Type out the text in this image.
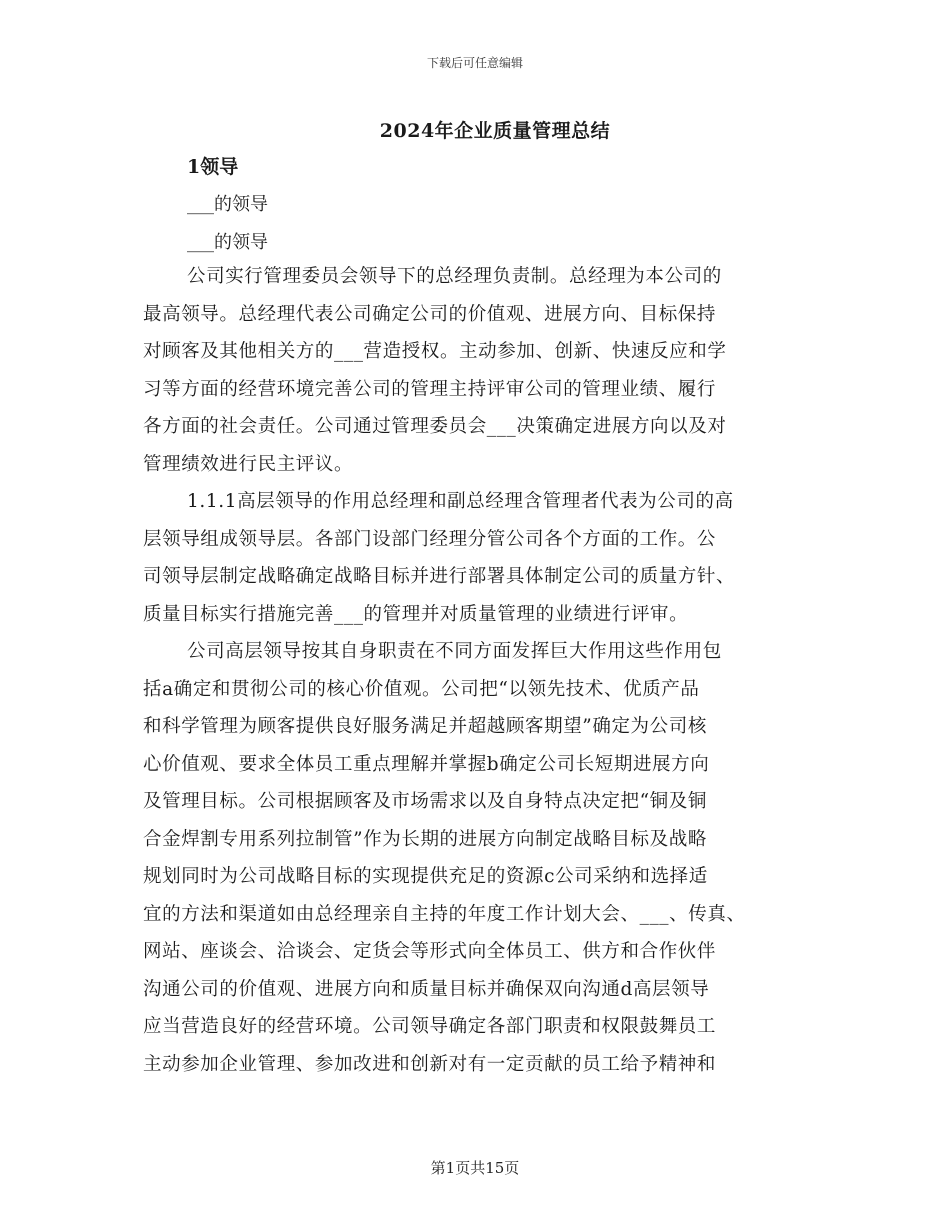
下载后可任意编辑
2024年企业质量管理总结
1领导
___的领导
___的领导
公司实行管理委员会领导下的总经理负责制。总经理为本公司的
最高领导。总经理代表公司确定公司的价值观、进展方向、目标保持
对顾客及其他相关方的___营造授权。主动参加、创新、快速反应和学
习等方面的经营环境完善公司的管理主持评审公司的管理业绩、履行
各方面的社会责任。公司通过管理委员会___决策确定进展方向以及对
管理绩效进行民主评议。
1.1.1高层领导的作用总经理和副总经理含管理者代表为公司的高
层领导组成领导层。各部门设部门经理分管公司各个方面的工作。公
司领导层制定战略确定战略目标并进行部署具体制定公司的质量方针、
质量目标实行措施完善___的管理并对质量管理的业绩进行评审。
公司高层领导按其自身职责在不同方面发挥巨大作用这些作用包
括a确定和贯彻公司的核心价值观。公司把“以领先技术、优质产品
和科学管理为顾客提供良好服务满足并超越顾客期望”确定为公司核
心价值观、要求全体员工重点理解并掌握b确定公司长短期进展方向
及管理目标。公司根据顾客及市场需求以及自身特点决定把“铜及铜
合金焊割专用系列拉制管”作为长期的进展方向制定战略目标及战略
规划同时为公司战略目标的实现提供充足的资源c公司采纳和选择适
宜的方法和渠道如由总经理亲自主持的年度工作计划大会、___、传真、
网站、座谈会、洽谈会、定货会等形式向全体员工、供方和合作伙伴
沟通公司的价值观、进展方向和质量目标并确保双向沟通d高层领导
应当营造良好的经营环境。公司领导确定各部门职责和权限鼓舞员工
主动参加企业管理、参加改进和创新对有一定贡献的员工给予精神和
第1页共15页
